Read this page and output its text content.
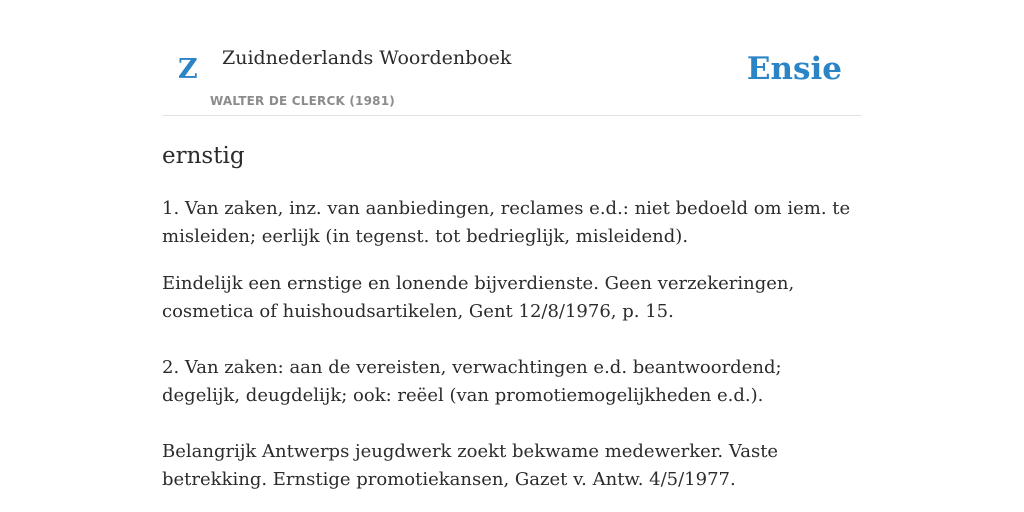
Z Zuidnederlands Woordenboek
WALTER DE CLERCK (1981)
Ensie
ernstig

1. Van zaken, inz. van aanbiedingen, reclames e.d.: niet bedoeld om iem. te misleiden; eerlijk (in tegenst. tot bedrieglijk, misleidend).

Eindelijk een ernstige en lonende bijverdienste. Geen verzekeringen, cosmetica of huishoudsartikelen, Gent 12/8/1976, p. 15.

2. Van zaken: aan de vereisten, verwachtingen e.d. beantwoordend; degelijk, deugdelijk; ook: reëel (van promotiemogelijkheden e.d.).

Belangrijk Antwerps jeugdwerk zoekt bekwame medewerker. Vaste betrekking. Ernstige promotiekansen, Gazet v. Antw. 4/5/1977.
